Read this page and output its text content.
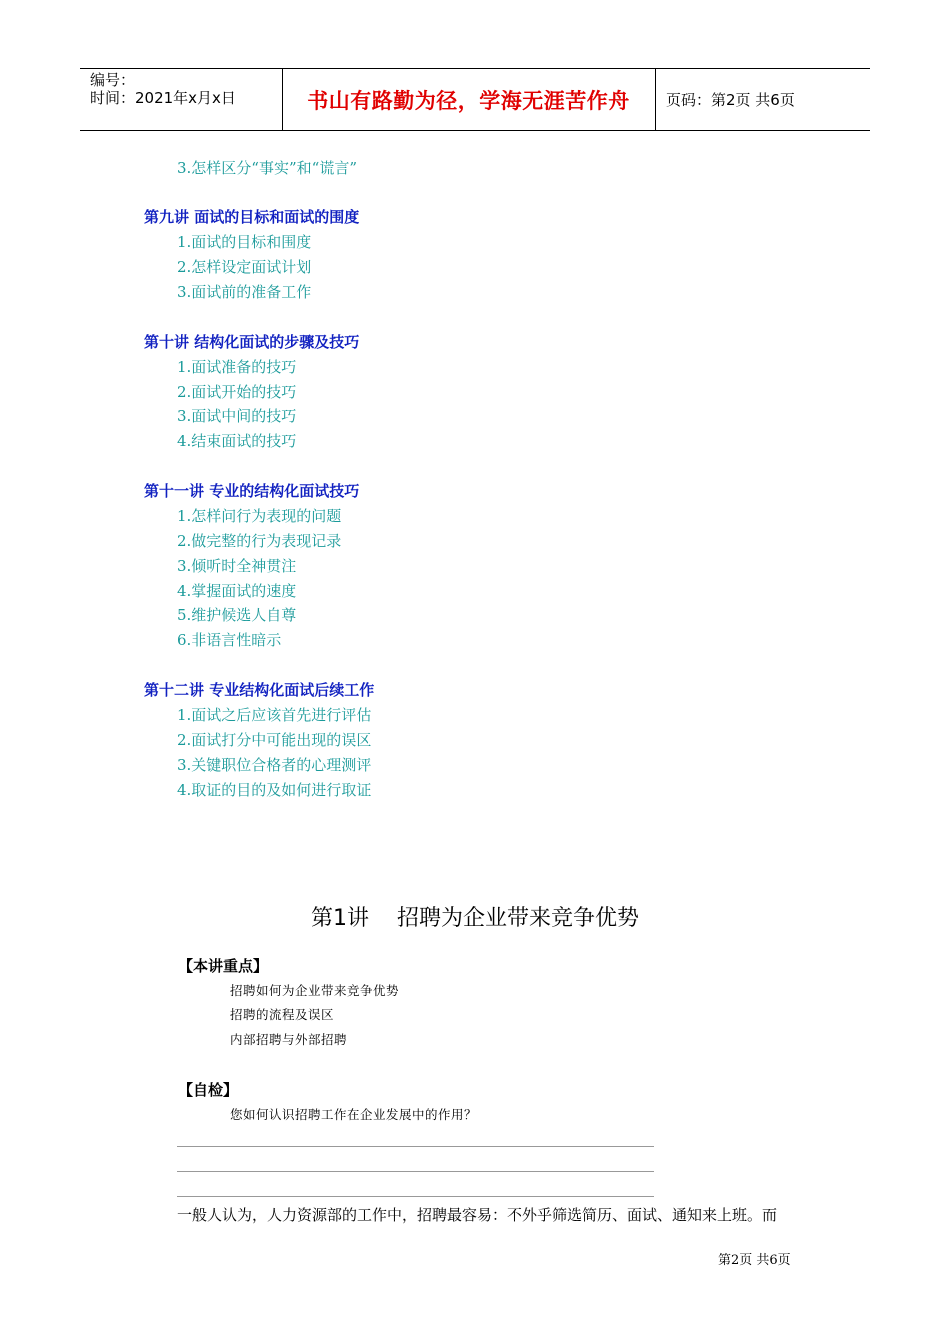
编号：
时间：2021年x月x日	书山有路勤为径，学海无涯苦作舟	页码：第2页 共6页
3.怎样区分“事实”和“谎言”
第九讲 面试的目标和面试的围度
1.面试的目标和围度
2.怎样设定面试计划
3.面试前的准备工作
第十讲 结构化面试的步骤及技巧
1.面试准备的技巧
2.面试开始的技巧
3.面试中间的技巧
4.结束面试的技巧
第十一讲 专业的结构化面试技巧
1.怎样问行为表现的问题
2.做完整的行为表现记录
3.倾听时全神贯注
4.掌握面试的速度
5.维护候选人自尊
6.非语言性暗示
第十二讲 专业结构化面试后续工作
1.面试之后应该首先进行评估
2.面试打分中可能出现的误区
3.关键职位合格者的心理测评
4.取证的目的及如何进行取证
第1讲    招聘为企业带来竞争优势
【本讲重点】
招聘如何为企业带来竞争优势
招聘的流程及误区
内部招聘与外部招聘
【自检】
您如何认识招聘工作在企业发展中的作用？
一般人认为，人力资源部的工作中，招聘最容易：不外乎筛选简历、面试、通知来上班。而
第2页 共6页
